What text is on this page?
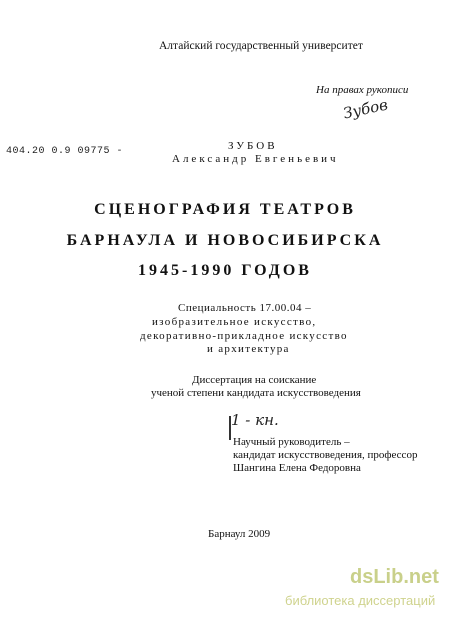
Алтайский государственный университет
На правах рукописи
Зубов
404.20 0.9 09775 -	ЗУБОВ
Александр Евгеньевич
СЦЕНОГРАФИЯ ТЕАТРОВ
БАРНАУЛА И НОВОСИБИРСКА
1945-1990 ГОДОВ
Специальность 17.00.04 –
изобразительное искусство,
декоративно-прикладное искусство
и архитектура
Диссертация на соискание
ученой степени кандидата искусствоведения
1 - кн.
Научный руководитель –
кандидат искусствоведения, профессор
Шангина Елена Федоровна
Барнаул 2009
dsLib.net
библиотека диссертаций
